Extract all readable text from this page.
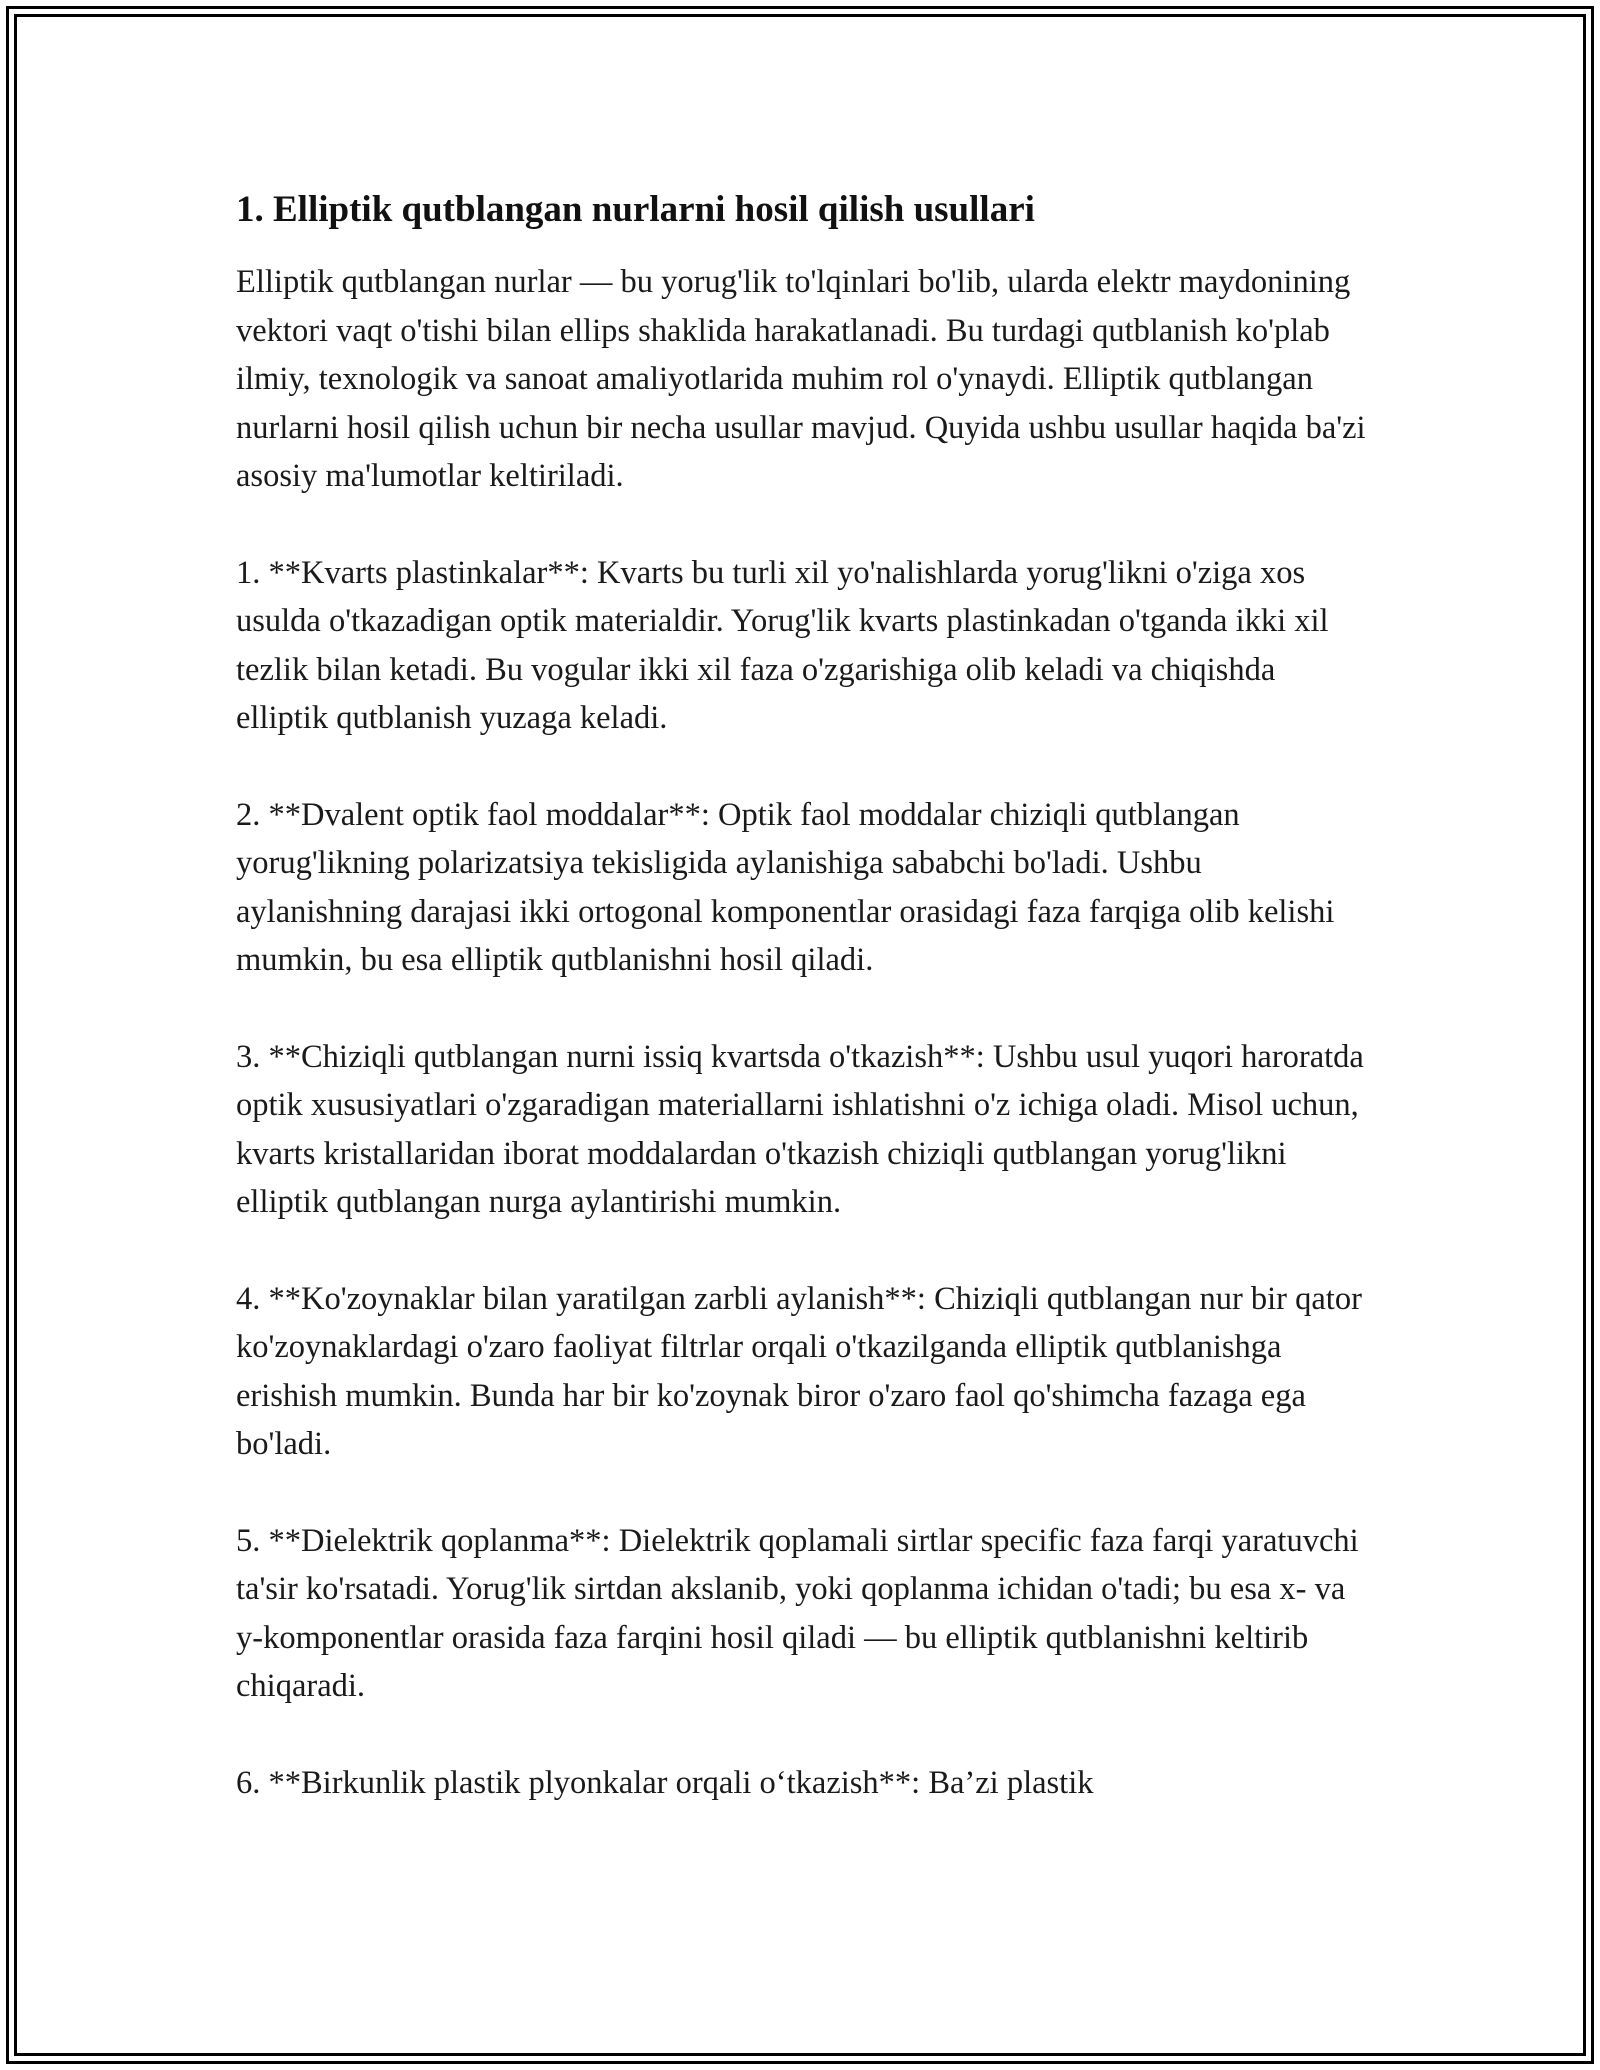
1. Elliptik qutblangan nurlarni hosil qilish usullari

Elliptik qutblangan nurlar — bu yorug'lik to'lqinlari bo'lib, ularda elektr maydonining vektori vaqt o'tishi bilan ellips shaklida harakatlanadi. Bu turdagi qutblanish ko'plab ilmiy, texnologik va sanoat amaliyotlarida muhim rol o'ynaydi. Elliptik qutblangan nurlarni hosil qilish uchun bir necha usullar mavjud. Quyida ushbu usullar haqida ba'zi asosiy ma'lumotlar keltiriladi.

1. **Kvarts plastinkalar**: Kvarts bu turli xil yo'nalishlarda yorug'likni o'ziga xos usulda o'tkazadigan optik materialdir. Yorug'lik kvarts plastinkadan o'tganda ikki xil tezlik bilan ketadi. Bu vogular ikki xil faza o'zgarishiga olib keladi va chiqishda elliptik qutblanish yuzaga keladi.

2. **Dvalent optik faol moddalar**: Optik faol moddalar chiziqli qutblangan yorug'likning polarizatsiya tekisligida aylanishiga sababchi bo'ladi. Ushbu aylanishning darajasi ikki ortogonal komponentlar orasidagi faza farqiga olib kelishi mumkin, bu esa elliptik qutblanishni hosil qiladi.

3. **Chiziqli qutblangan nurni issiq kvartsda o'tkazish**: Ushbu usul yuqori haroratda optik xususiyatlari o'zgaradigan materiallarni ishlatishni o'z ichiga oladi. Misol uchun, kvarts kristallaridan iborat moddalardan o'tkazish chiziqli qutblangan yorug'likni elliptik qutblangan nurga aylantirishi mumkin.

4. **Ko'zoynaklar bilan yaratilgan zarbli aylanish**: Chiziqli qutblangan nur bir qator ko'zoynaklardagi o'zaro faoliyat filtrlar orqali o'tkazilganda elliptik qutblanishga erishish mumkin. Bunda har bir ko'zoynak biror o'zaro faol qo'shimcha fazaga ega bo'ladi.

5. **Dielektrik qoplanma**: Dielektrik qoplamali sirtlar specific faza farqi yaratuvchi ta'sir ko'rsatadi. Yorug'lik sirtdan akslanib, yoki qoplanma ichidan o'tadi; bu esa x- va y-komponentlar orasida faza farqini hosil qiladi — bu elliptik qutblanishni keltirib chiqaradi.

6. **Birkunlik plastik plyonkalar orqali o‘tkazish**: Ba’zi plastik
